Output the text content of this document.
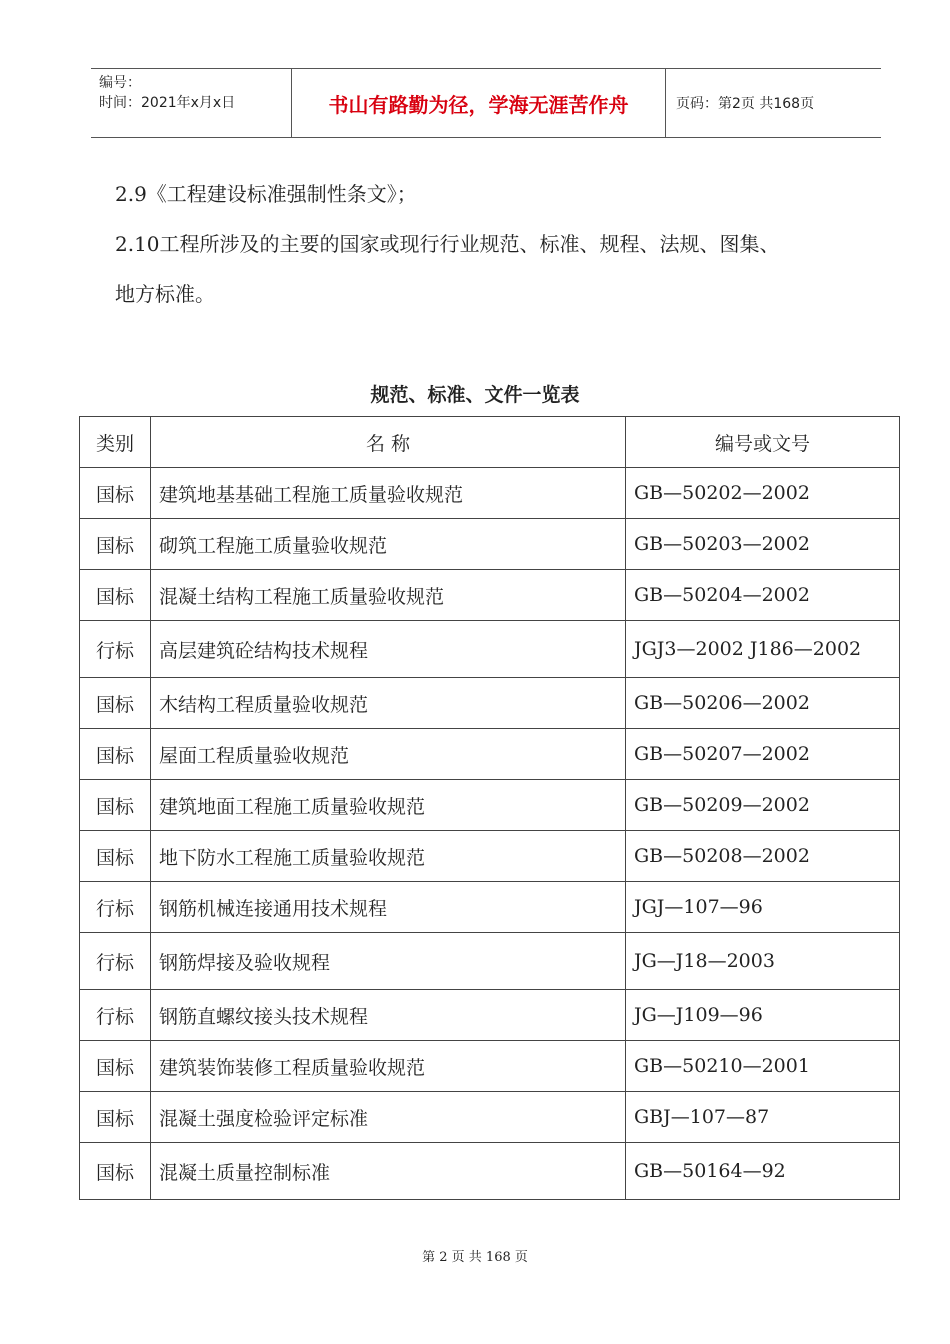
编号：
时间：2021年x月x日	书山有路勤为径，学海无涯苦作舟	页码：第2页 共168页
2.9《工程建设标准强制性条文》；
2.10工程所涉及的主要的国家或现行行业规范、标准、规程、法规、图集、
地方标准。
规范、标准、文件一览表
类别	名 称	编号或文号
国标	建筑地基基础工程施工质量验收规范	GB—50202—2002
国标	砌筑工程施工质量验收规范	GB—50203—2002
国标	混凝土结构工程施工质量验收规范	GB—50204—2002
行标	高层建筑砼结构技术规程	JGJ3—2002 J186—2002
国标	木结构工程质量验收规范	GB—50206—2002
国标	屋面工程质量验收规范	GB—50207—2002
国标	建筑地面工程施工质量验收规范	GB—50209—2002
国标	地下防水工程施工质量验收规范	GB—50208—2002
行标	钢筋机械连接通用技术规程	JGJ—107—96
行标	钢筋焊接及验收规程	JG—J18—2003
行标	钢筋直螺纹接头技术规程	JG—J109—96
国标	建筑装饰装修工程质量验收规范	GB—50210—2001
国标	混凝土强度检验评定标准	GBJ—107—87
国标	混凝土质量控制标准	GB—50164—92
第 2 页 共 168 页
